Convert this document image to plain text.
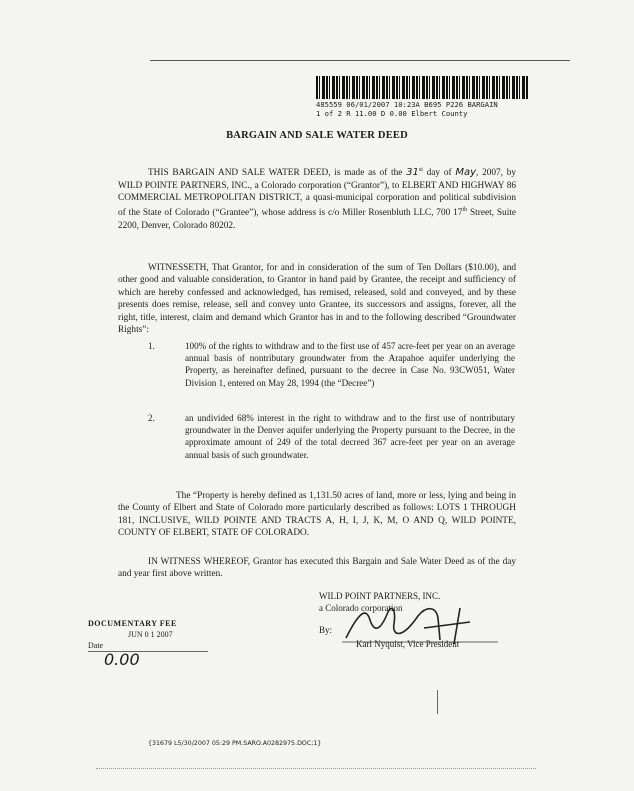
485559 06/01/2007 10:23A B695 P226 BARGAIN
1 of 2 R 11.00 D 0.00 Elbert County
BARGAIN AND SALE WATER DEED

THIS BARGAIN AND SALE WATER DEED, is made as of the 31st day of May, 2007, by WILD POINTE PARTNERS, INC., a Colorado corporation (“Grantor”), to ELBERT AND HIGHWAY 86 COMMERCIAL METROPOLITAN DISTRICT, a quasi-municipal corporation and political subdivision of the State of Colorado (“Grantee”), whose address is c/o Miller Rosenbluth LLC, 700 17th Street, Suite 2200, Denver, Colorado 80202.

WITNESSETH, That Grantor, for and in consideration of the sum of Ten Dollars ($10.00), and other good and valuable consideration, to Grantor in hand paid by Grantee, the receipt and sufficiency of which are hereby confessed and acknowledged, has remised, released, sold and conveyed, and by these presents does remise, release, sell and convey unto Grantee, its successors and assigns, forever, all the right, title, interest, claim and demand which Grantor has in and to the following described “Groundwater Rights”:

1.	100% of the rights to withdraw and to the first use of 457 acre-feet per year on an average annual basis of nontributary groundwater from the Arapahoe aquifer underlying the Property, as hereinafter defined, pursuant to the decree in Case No. 93CW051, Water Division 1, entered on May 28, 1994 (the “Decree”)
2.	an undivided 68% interest in the right to withdraw and to the first use of nontributary groundwater in the Denver aquifer underlying the Property pursuant to the Decree, in the approximate amount of 249 of the total decreed 367 acre-feet per year on an average annual basis of such groundwater.

The “Property is hereby defined as 1,131.50 acres of land, more or less, lying and being in the County of Elbert and State of Colorado more particularly described as follows: LOTS 1 THROUGH 181, INCLUSIVE, WILD POINTE AND TRACTS A, H, I, J, K, M, O AND Q, WILD POINTE, COUNTY OF ELBERT, STATE OF COLORADO.

IN WITNESS WHEREOF, Grantor has executed this Bargain and Sale Water Deed as of the day and year first above written.

WILD POINT PARTNERS, INC.
a Colorado corporation
By:
Karl Nyquist, Vice President
DOCUMENTARY FEE
JUN 0 1 2007
Date
0.00
{31679 L5/30/2007 05:29 PM.SARO.A0282975.DOC;1}
